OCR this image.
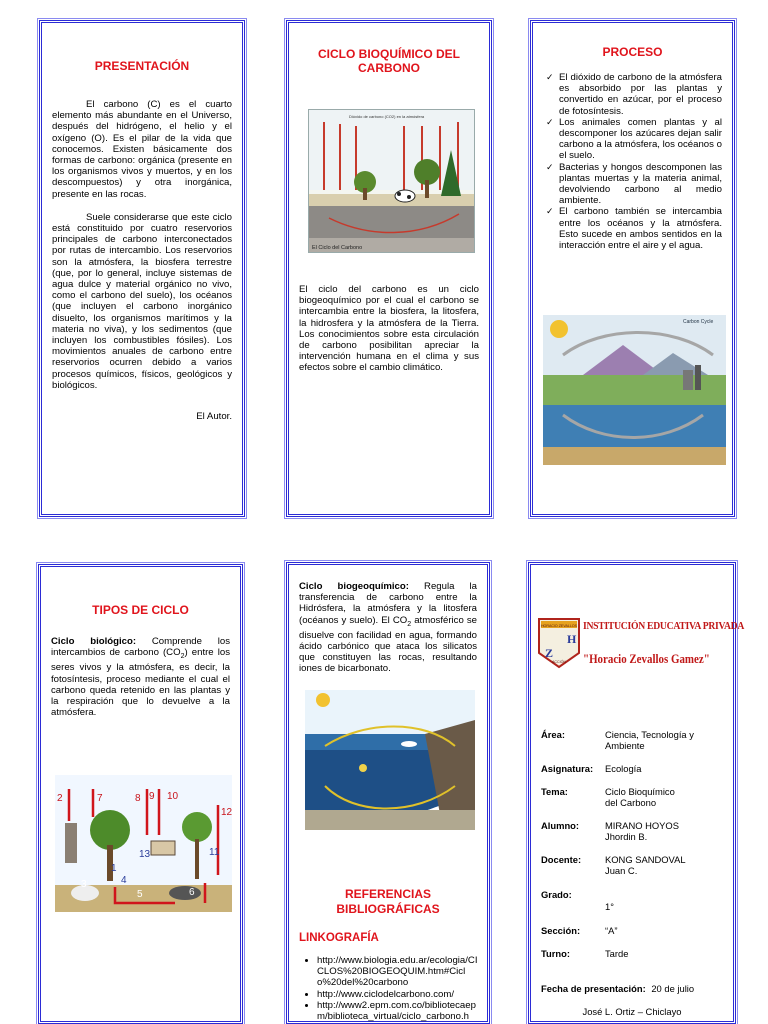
PRESENTACIÓN

El carbono (C) es el cuarto elemento más abundante en el Universo, después del hidrógeno, el helio y el oxígeno (O). Es el pilar de la vida que conocemos. Existen básicamente dos formas de carbono: orgánica (presente en los organismos vivos y muertos, y en los descompuestos) y otra inorgánica, presente en las rocas.

Suele considerarse que este ciclo está constituido por cuatro reservorios principales de carbono interconectados por rutas de intercambio. Los reservorios son la atmósfera, la biosfera terrestre (que, por lo general, incluye sistemas de agua dulce y material orgánico no vivo, como el carbono del suelo), los océanos (que incluyen el carbono inorgánico disuelto, los organismos marítimos y la materia no viva), y los sedimentos (que incluyen los combustibles fósiles). Los movimientos anuales de carbono entre reservorios ocurren debido a varios procesos químicos, físicos, geológicos y biológicos.

El Autor.

CICLO BIOQUÍMICO DEL CARBONO

El Ciclo del Carbono
Dióxido de carbono (CO2) en la atmósfera

El ciclo del carbono es un ciclo biogeoquímico por el cual el carbono se intercambia entre la biosfera, la litosfera, la hidrosfera y la atmósfera de la Tierra. Los conocimientos sobre esta circulación de carbono posibilitan apreciar la intervención humana en el clima y sus efectos sobre el cambio climático.

PROCESO

✓ El dióxido de carbono de la atmósfera es absorbido por las plantas y convertido en azúcar, por el proceso de fotosíntesis.
✓ Los animales comen plantas y al descomponer los azúcares dejan salir carbono a la atmósfera, los océanos o el suelo.
✓ Bacterias y hongos descomponen las plantas muertas y la materia animal, devolviendo carbono al medio ambiente.
✓ El carbono también se intercambia entre los océanos y la atmósfera. Esto sucede en ambos sentidos en la interacción entre el aire y el agua.
Carbon Cycle

TIPOS DE CICLO

Ciclo biológico: Comprende los intercambios de carbono $(CO_2)$ entre los seres vivos y la atmósfera, es decir, la fotosíntesis, proceso mediante el cual el carbono queda retenido en las plantas y la respiración que lo devuelve a la atmósfera.

2	7	8 9 10
12
13	11
3
5	6
1
4

Ciclo biogeoquímico: Regula la transferencia de carbono entre la Hidrósfera, la atmósfera y la litosfera (océanos y suelo). El $CO_2$ atmosférico se disuelve con facilidad en agua, formando ácido carbónico que ataca los silicatos que constituyen las rocas, resultando iones de bicarbonato.

REFERENCIAS BIBLIOGRÁFICAS

LINKOGRAFÍA

• http://www.biologia.edu.ar/ecologia/CICLOS%20BIOGEOQUIM.htm#Ciclo%20del%20carbono
• http://www.ciclodelcarbono.com/
• http://www2.epm.com.co/bibliotecaepm/biblioteca_virtual/ciclo_carbono.h
HORACIO ZEVALLOS
H
Z
ACCIÓN
INSTITUCIÓN EDUCATIVA PRIVADA
"Horacio Zevallos Gamez"
Área:	Ciencia, Tecnología y Ambiente
Asignatura: Ecología
Tema:	Ciclo Bioquímico del Carbono
Alumno:	MIRANO HOYOS Jhordin B.
Docente:	KONG SANDOVAL Juan C.
Grado:
1°
Sección:	“A”
Turno:	Tarde
Fecha de presentación: 20 de julio
José L. Ortiz – Chiclayo
